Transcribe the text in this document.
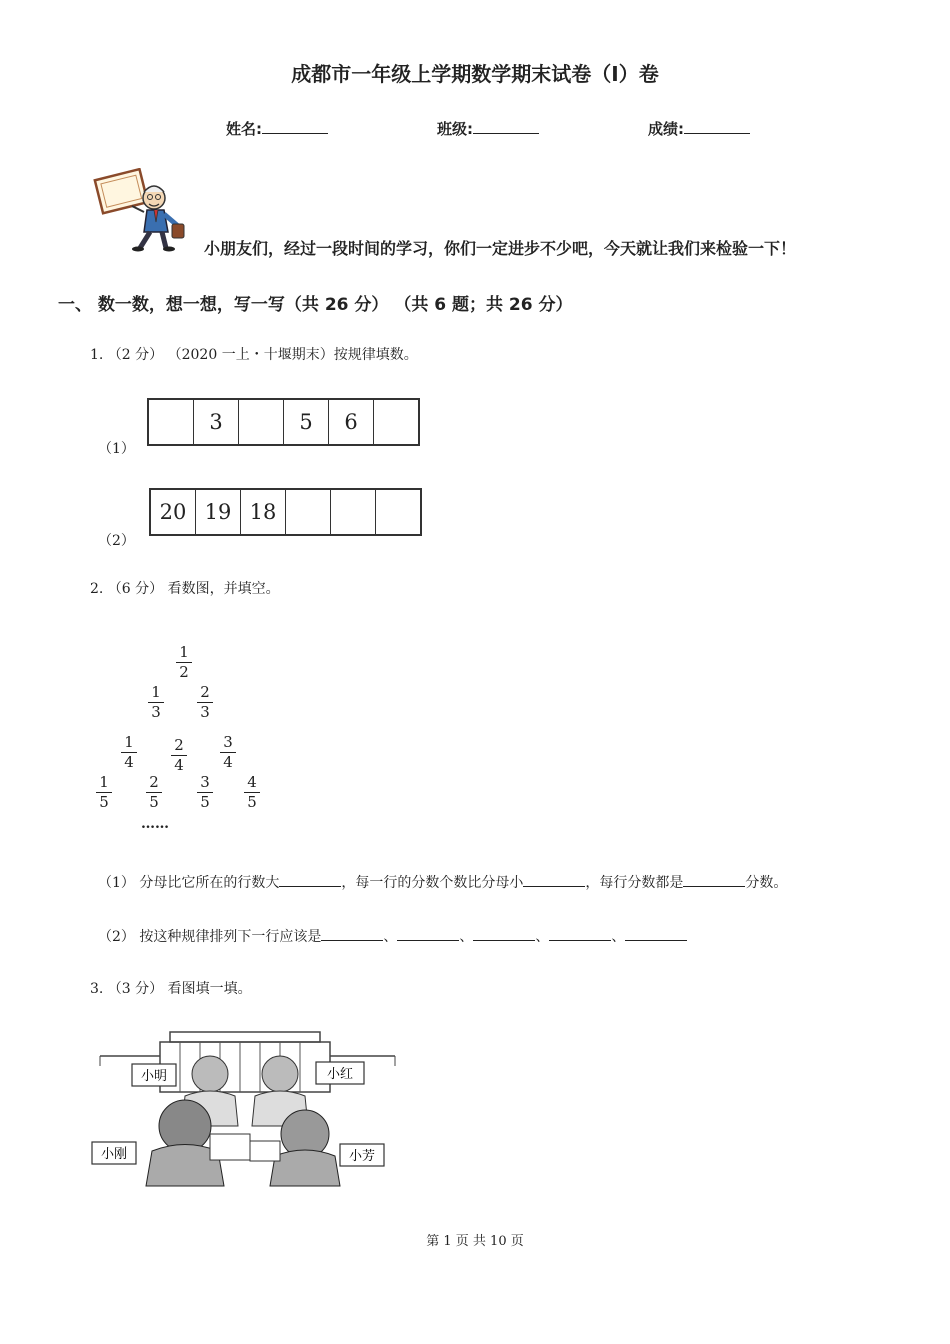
成都市一年级上学期数学期末试卷（I）卷
姓名:	班级:	成绩:
小朋友们，经过一段时间的学习，你们一定进步不少吧，今天就让我们来检验一下！
一、 数一数，想一想，写一写（共 26 分） （共 6 题；共 26 分）
1. （2 分） （2020 一上・十堰期末）按规律填数。
（1）
	3		5	6	
（2）
20	19	18			
2. （6 分） 看数图，并填空。
1
2
1
3
2
3
1
4
2
4
3
4
1
5
2
5
3
5
4
5
……
（1） 分母比它所在的行数大	，每一行的分数个数比分母小	，每行分数都是	分数。
（2） 按这种规律排列下一行应该是	、	、	、	、
3. （3 分） 看图填一填。
小明	小红
小刚	小芳
第 1 页 共 10 页
